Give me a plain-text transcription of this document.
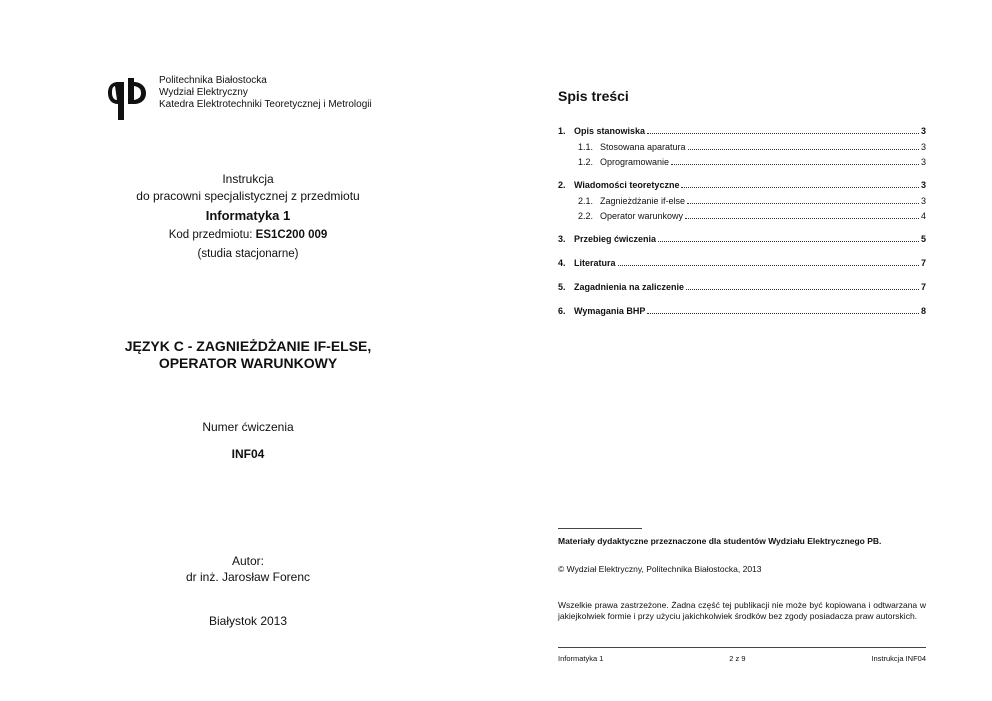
Politechnika Białostocka
Wydział Elektryczny
Katedra Elektrotechniki Teoretycznej i Metrologii
Instrukcja
do pracowni specjalistycznej z przedmiotu
Informatyka 1
Kod przedmiotu: ES1C200 009
(studia stacjonarne)
JĘZYK C - ZAGNIEŻDŻANIE IF-ELSE,
OPERATOR WARUNKOWY
Numer ćwiczenia
INF04
Autor:
dr inż. Jarosław Forenc
Białystok 2013
Spis treści
1. Opis stanowiska	3
1.1. Stosowana aparatura	3
1.2. Oprogramowanie	3
2. Wiadomości teoretyczne	3
2.1. Zagnieżdżanie if-else	3
2.2. Operator warunkowy	4
3. Przebieg ćwiczenia	5
4. Literatura	7
5. Zagadnienia na zaliczenie	7
6. Wymagania BHP	8
Materiały dydaktyczne przeznaczone dla studentów Wydziału Elektrycznego PB.
© Wydział Elektryczny, Politechnika Białostocka, 2013
Wszelkie prawa zastrzeżone. Żadna część tej publikacji nie może być kopiowana i odtwarzana w jakiejkolwiek formie i przy użyciu jakichkolwiek środków bez zgody posiadacza praw autorskich.
Informatyka 1	2 z 9	Instrukcja INF04
